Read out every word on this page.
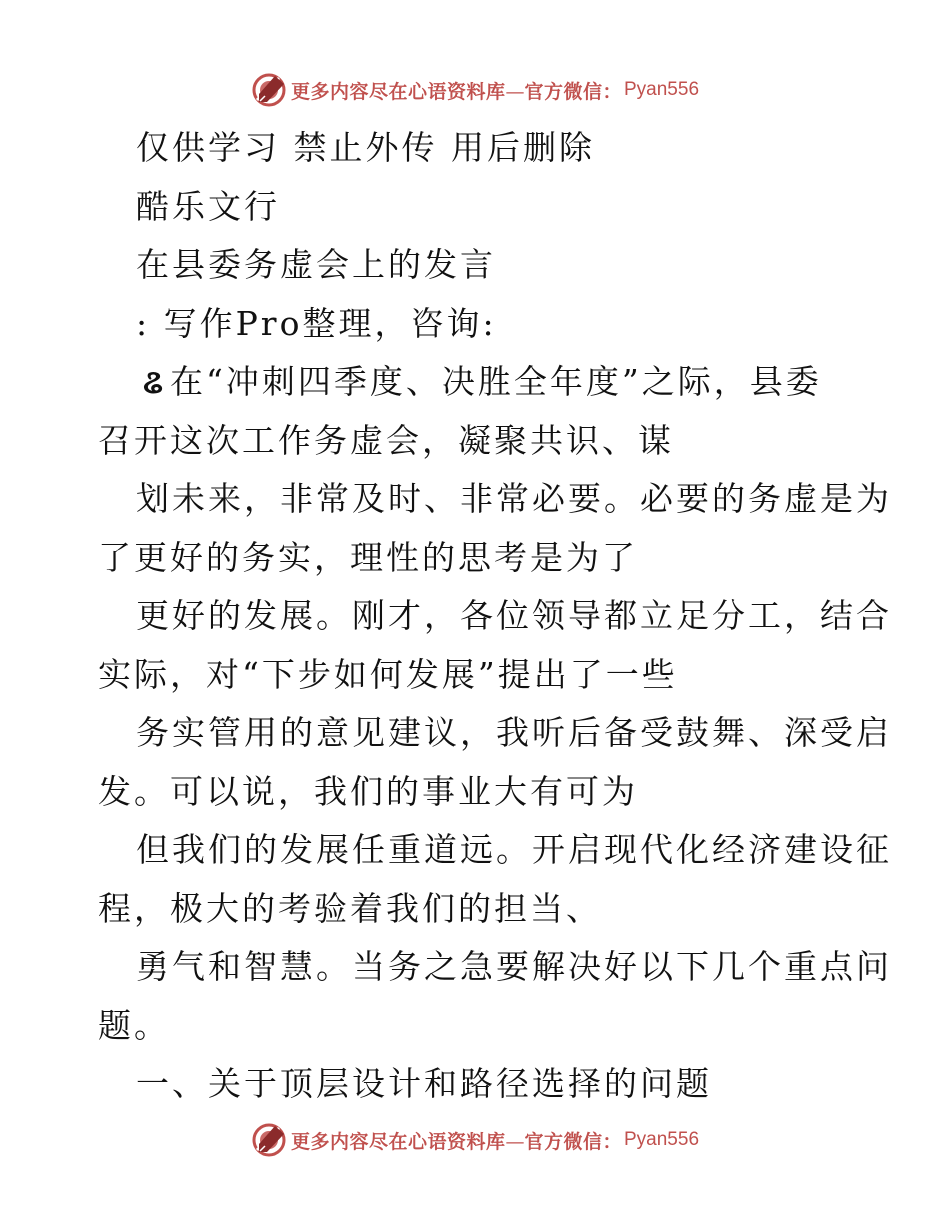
更多内容尽在心语资料库—官方微信： Pyan556
仅供学习 禁止外传 用后删除
酷乐文行
在县委务虚会上的发言
: 写作Pro整理，咨询:
ଌ 在“冲刺四季度、决胜全年度”之际，县委
召开这次工作务虚会，凝聚共识、谋
划未来，非常及时、非常必要。必要的务虚是为
了更好的务实，理性的思考是为了
更好的发展。刚才，各位领导都立足分工，结合
实际，对“下步如何发展”提出了一些
务实管用的意见建议，我听后备受鼓舞、深受启
发。可以说，我们的事业大有可为
但我们的发展任重道远。开启现代化经济建设征
程，极大的考验着我们的担当、
勇气和智慧。当务之急要解决好以下几个重点问
题。
一、关于顶层设计和路径选择的问题
更多内容尽在心语资料库—官方微信： Pyan556
